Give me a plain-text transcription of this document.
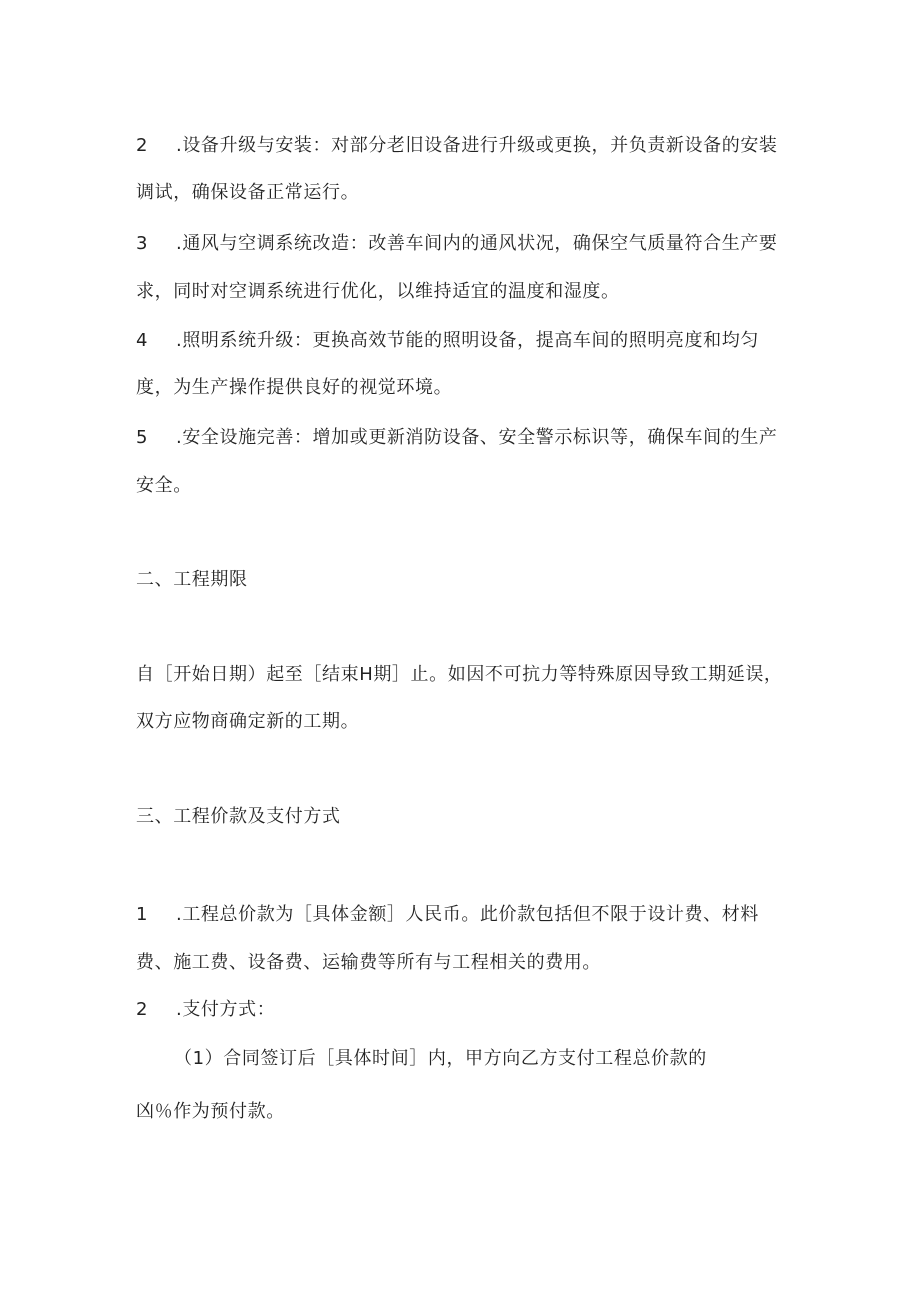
2 .设备升级与安装：对部分老旧设备进行升级或更换，并负责新设备的安装
调试，确保设备正常运行。
3 .通风与空调系统改造：改善车间内的通风状况，确保空气质量符合生产要
求，同时对空调系统进行优化，以维持适宜的温度和湿度。
4 .照明系统升级：更换高效节能的照明设备，提高车间的照明亮度和均匀
度，为生产操作提供良好的视觉环境。
5 .安全设施完善：增加或更新消防设备、安全警示标识等，确保车间的生产
安全。
二、工程期限
自［开始日期）起至［结束H期］止。如因不可抗力等特殊原因导致工期延误，
双方应物商确定新的工期。
三、工程价款及支付方式
1 .工程总价款为［具体金额］人民币。此价款包括但不限于设计费、材料
费、施工费、设备费、运输费等所有与工程相关的费用。
2 .支付方式：
（1）合同签订后［具体时间］内，甲方向乙方支付工程总价款的
凶％作为预付款。
